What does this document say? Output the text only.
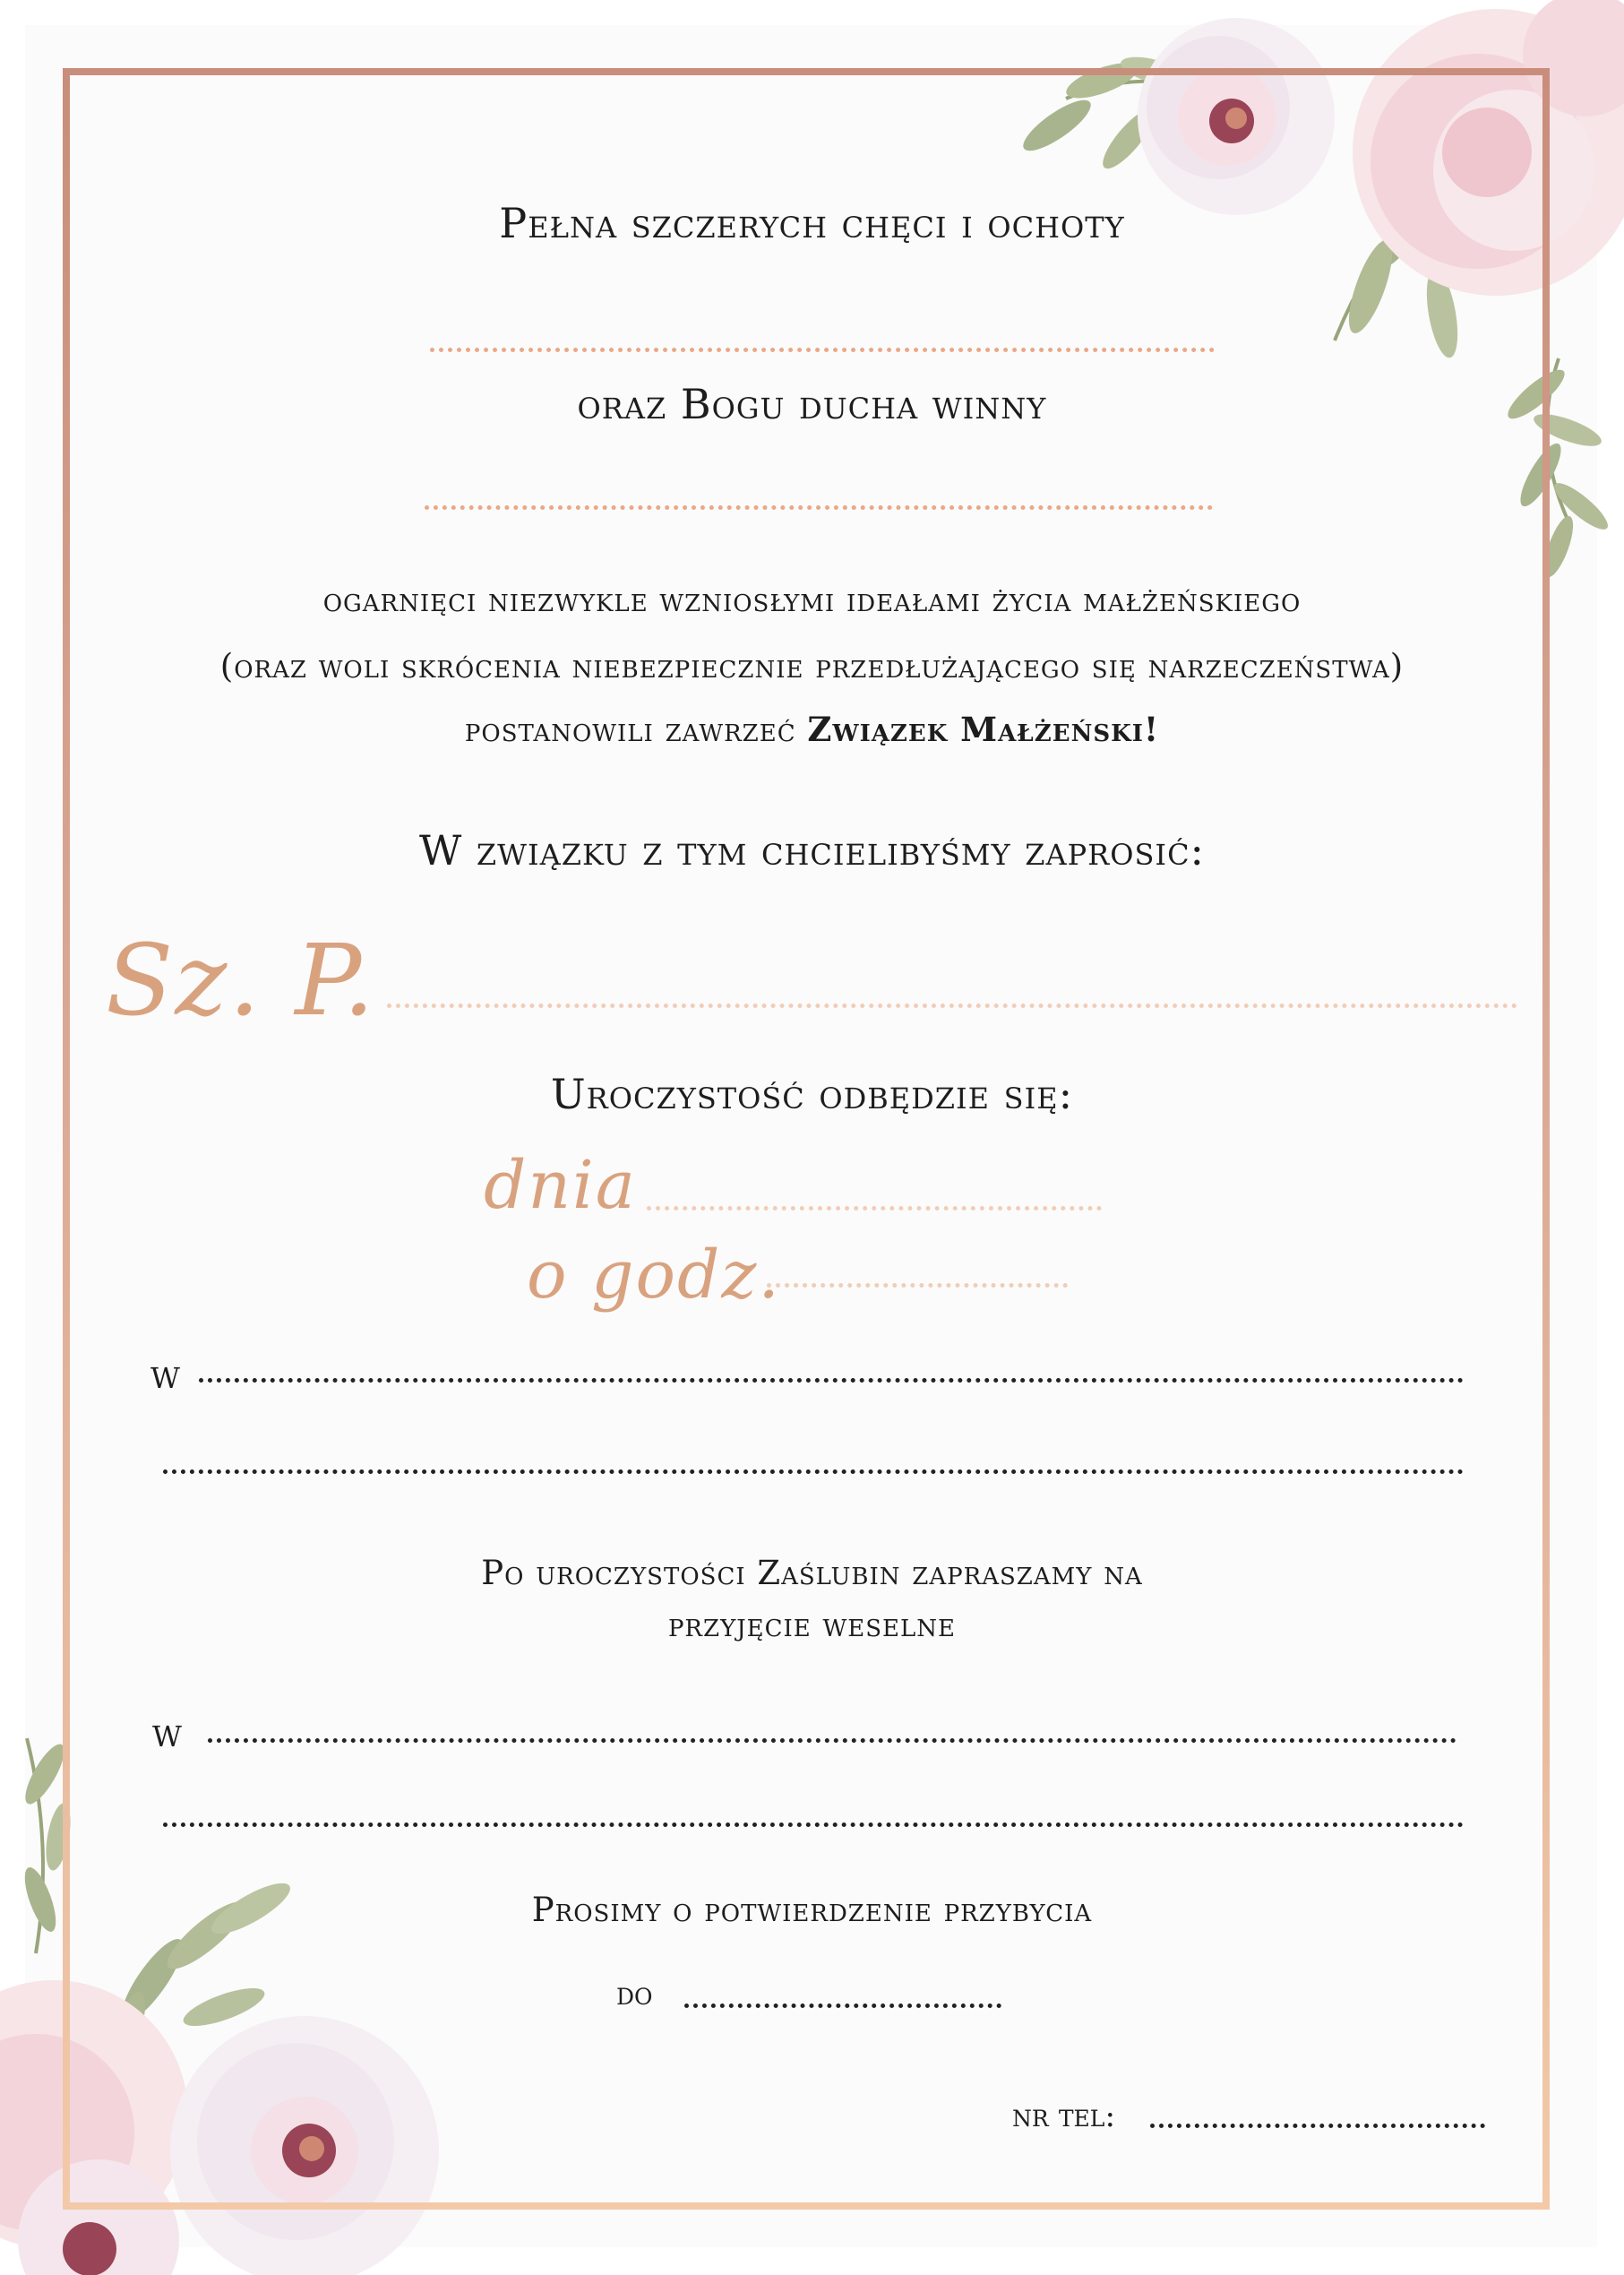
Pełna szczerych chęci i ochoty
oraz Bogu ducha winny
ogarnięci niezwykle wzniosłymi ideałami życia małżeńskiego
(oraz woli skrócenia niebezpiecznie przedłużającego się narzeczeństwa)
postanowili zawrzeć Związek Małżeński!
W związku z tym chcielibyśmy zaprosić:
Sz. P.
Uroczystość odbędzie się:
dnia
o godz.
w
Po uroczystości Zaślubin zapraszamy na
przyjęcie weselne
w
Prosimy o potwierdzenie przybycia
do
nr tel:
